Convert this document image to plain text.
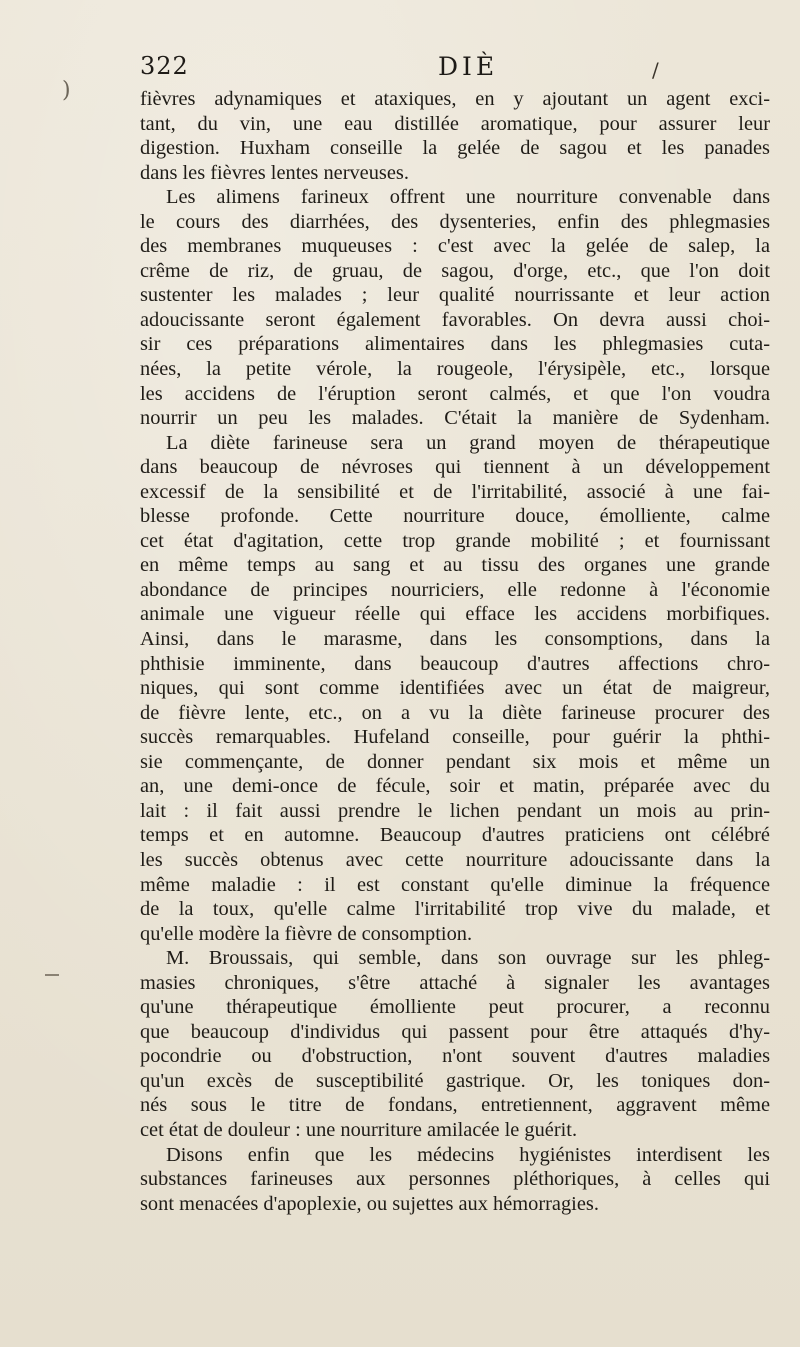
)
322	DIÈ	/
fièvres adynamiques et ataxiques, en y ajoutant un agent exci-
tant, du vin, une eau distillée aromatique, pour assurer leur
digestion. Huxham conseille la gelée de sagou et les panades
dans les fièvres lentes nerveuses.
Les alimens farineux offrent une nourriture convenable dans
le cours des diarrhées, des dysenteries, enfin des phlegmasies
des membranes muqueuses : c'est avec la gelée de salep, la
crême de riz, de gruau, de sagou, d'orge, etc., que l'on doit
sustenter les malades ; leur qualité nourrissante et leur action
adoucissante seront également favorables. On devra aussi choi-
sir ces préparations alimentaires dans les phlegmasies cuta-
nées, la petite vérole, la rougeole, l'érysipèle, etc., lorsque
les accidens de l'éruption seront calmés, et que l'on voudra
nourrir un peu les malades. C'était la manière de Sydenham.
La diète farineuse sera un grand moyen de thérapeutique
dans beaucoup de névroses qui tiennent à un développement
excessif de la sensibilité et de l'irritabilité, associé à une fai-
blesse profonde. Cette nourriture douce, émolliente, calme
cet état d'agitation, cette trop grande mobilité ; et fournissant
en même temps au sang et au tissu des organes une grande
abondance de principes nourriciers, elle redonne à l'économie
animale une vigueur réelle qui efface les accidens morbifiques.
Ainsi, dans le marasme, dans les consomptions, dans la
phthisie imminente, dans beaucoup d'autres affections chro-
niques, qui sont comme identifiées avec un état de maigreur,
de fièvre lente, etc., on a vu la diète farineuse procurer des
succès remarquables. Hufeland conseille, pour guérir la phthi-
sie commençante, de donner pendant six mois et même un
an, une demi-once de fécule, soir et matin, préparée avec du
lait : il fait aussi prendre le lichen pendant un mois au prin-
temps et en automne. Beaucoup d'autres praticiens ont célébré
les succès obtenus avec cette nourriture adoucissante dans la
même maladie : il est constant qu'elle diminue la fréquence
de la toux, qu'elle calme l'irritabilité trop vive du malade, et
qu'elle modère la fièvre de consomption.
M. Broussais, qui semble, dans son ouvrage sur les phleg-
masies chroniques, s'être attaché à signaler les avantages
qu'une thérapeutique émolliente peut procurer, a reconnu
que beaucoup d'individus qui passent pour être attaqués d'hy-
pocondrie ou d'obstruction, n'ont souvent d'autres maladies
qu'un excès de susceptibilité gastrique. Or, les toniques don-
nés sous le titre de fondans, entretiennent, aggravent même
cet état de douleur : une nourriture amilacée le guérit.
Disons enfin que les médecins hygiénistes interdisent les
substances farineuses aux personnes pléthoriques, à celles qui
sont menacées d'apoplexie, ou sujettes aux hémorragies.
